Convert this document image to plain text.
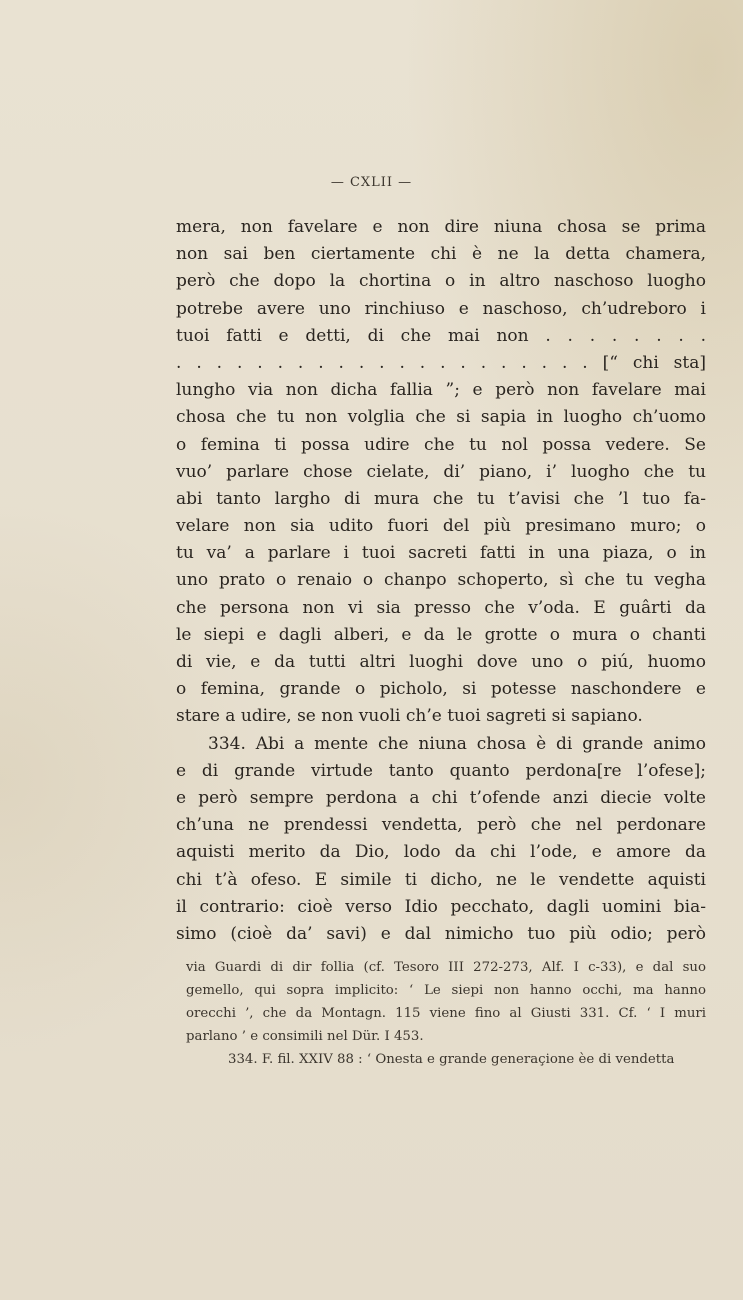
— CXLII —
mera, non favelare e non dire niuna chosa se prima
non sai ben ciertamente chi è ne la detta chamera,
però che dopo la chortina o in altro naschoso luogho
potrebe avere uno rinchiuso e naschoso, ch’udreboro i
tuoi fatti e detti, di che mai non . . . . . . . .
. . . . . . . . . . . . . . . . . . . . . [“ chi sta]
lungho via non dicha fallia ”; e però non favelare mai
chosa che tu non volglia che si sapia in luogho ch’uomo
o femina ti possa udire che tu nol possa vedere. Se
vuo’ parlare chose cielate, di’ piano, i’ luogho che tu
abi tanto largho di mura che tu t’avisi che ’l tuo fa-
velare non sia udito fuori del più presimano muro; o
tu va’ a parlare i tuoi sacreti fatti in una piaza, o in
uno prato o renaio o chanpo schoperto, sì che tu vegha
che persona non vi sia presso che v’oda. E guârti da
le siepi e dagli alberi, e da le grotte o mura o chanti
di vie, e da tutti altri luoghi dove uno o piú, huomo
o femina, grande o picholo, si potesse naschondere e
stare a udire, se non vuoli ch’e tuoi sagreti si sapiano.
334. Abi a mente che niuna chosa è di grande animo
e di grande virtude tanto quanto perdona[re l’ofese];
e però sempre perdona a chi t’ofende anzi diecie volte
ch’una ne prendessi vendetta, però che nel perdonare
aquisti merito da Dio, lodo da chi l’ode, e amore da
chi t’à ofeso. E simile ti dicho, ne le vendette aquisti
il contrario: cioè verso Idio pecchato, dagli uomini bia-
simo (cioè da’ savi) e dal nimicho tuo più odio; però
via Guardi di dir follia (cf. Tesoro III 272-273, Alf. I c-33), e dal suo
gemello, qui sopra implicito: ‘ Le siepi non hanno occhi, ma hanno
orecchi ’, che da Montagn. 115 viene fino al Giusti 331. Cf. ‘ I muri
parlano ’ e consimili nel Dür. I 453.
334. F. fil. XXIV 88 : ‘ Onesta e grande generaçione èe di vendetta
